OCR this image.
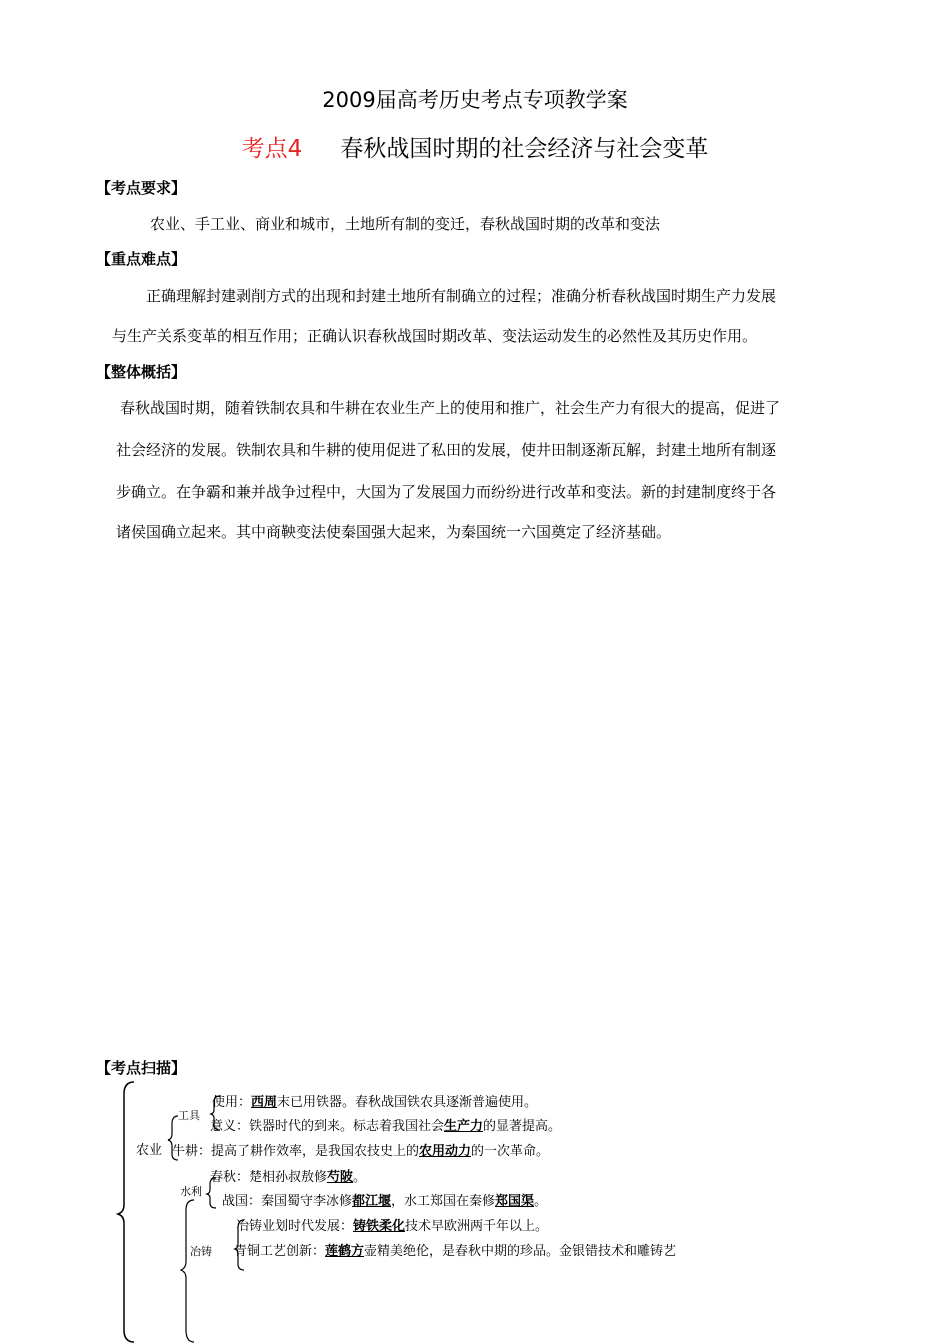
2009届高考历史考点专项教学案
考点4 春秋战国时期的社会经济与社会变革
【考点要求】
农业、手工业、商业和城市，土地所有制的变迁，春秋战国时期的改革和变法
【重点难点】
正确理解封建剥削方式的出现和封建土地所有制确立的过程；准确分析春秋战国时期生产力发展
与生产关系变革的相互作用；正确认识春秋战国时期改革、变法运动发生的必然性及其历史作用。
【整体概括】
春秋战国时期，随着铁制农具和牛耕在农业生产上的使用和推广，社会生产力有很大的提高，促进了
社会经济的发展。铁制农具和牛耕的使用促进了私田的发展，使井田制逐渐瓦解，封建土地所有制逐
步确立。在争霸和兼并战争过程中，大国为了发展国力而纷纷进行改革和变法。新的封建制度终于各
诸侯国确立起来。其中商鞅变法使秦国强大起来，为秦国统一六国奠定了经济基础。
【考点扫描】
农业
工具
水利
冶铸
使用：西周末已用铁器。春秋战国铁农具逐渐普遍使用。
意义：铁器时代的到来。标志着我国社会生产力的显著提高。
牛耕：提高了耕作效率，是我国农技史上的农用动力的一次革命。
春秋：楚相孙叔敖修芍陂。
战国：秦国蜀守李冰修都江堰，水工郑国在秦修郑国渠。
冶铸业划时代发展：铸铁柔化技术早欧洲两千年以上。
青铜工艺创新：莲鹤方壶精美绝伦，是春秋中期的珍品。金银错技术和雕铸艺
